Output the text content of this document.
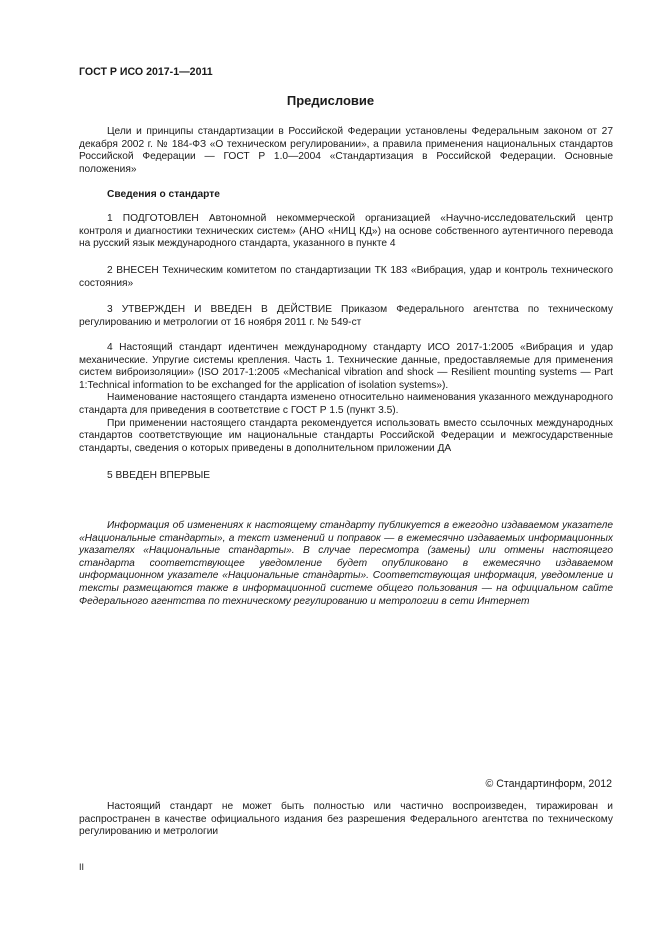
ГОСТ Р ИСО 2017-1—2011
Предисловие

Цели и принципы стандартизации в Российской Федерации установлены Федеральным законом от 27 декабря 2002 г. № 184-ФЗ «О техническом регулировании», а правила применения национальных стандартов Российской Федерации — ГОСТ Р 1.0—2004 «Стандартизация в Российской Федерации. Основные положения»

Сведения о стандарте

1 ПОДГОТОВЛЕН Автономной некоммерческой организацией «Научно-исследовательский центр контроля и диагностики технических систем» (АНО «НИЦ КД») на основе собственного аутентичного перевода на русский язык международного стандарта, указанного в пункте 4

2 ВНЕСЕН Техническим комитетом по стандартизации ТК 183 «Вибрация, удар и контроль технического состояния»

3 УТВЕРЖДЕН И ВВЕДЕН В ДЕЙСТВИЕ Приказом Федерального агентства по техническому регулированию и метрологии от 16 ноября 2011 г. № 549-ст

4 Настоящий стандарт идентичен международному стандарту ИСО 2017-1:2005 «Вибрация и удар механические. Упругие системы крепления. Часть 1. Технические данные, предоставляемые для применения систем виброизоляции» (ISO 2017-1:2005 «Mechanical vibration and shock — Resilient mounting systems — Part 1:Technical information to be exchanged for the application of isolation systems»).

Наименование настоящего стандарта изменено относительно наименования указанного международного стандарта для приведения в соответствие с ГОСТ Р 1.5 (пункт 3.5).

При применении настоящего стандарта рекомендуется использовать вместо ссылочных международных стандартов соответствующие им национальные стандарты Российской Федерации и межгосударственные стандарты, сведения о которых приведены в дополнительном приложении ДА

5 ВВЕДЕН ВПЕРВЫЕ

Информация об изменениях к настоящему стандарту публикуется в ежегодно издаваемом указателе «Национальные стандарты», а текст изменений и поправок — в ежемесячно издаваемых информационных указателях «Национальные стандарты». В случае пересмотра (замены) или отмены настоящего стандарта соответствующее уведомление будет опубликовано в ежемесячно издаваемом информационном указателе «Национальные стандарты». Соответствующая информация, уведомление и тексты размещаются также в информационной системе общего пользования — на официальном сайте Федерального агентства по техническому регулированию и метрологии в сети Интернет

© Стандартинформ, 2012

Настоящий стандарт не может быть полностью или частично воспроизведен, тиражирован и распространен в качестве официального издания без разрешения Федерального агентства по техническому регулированию и метрологии

II
